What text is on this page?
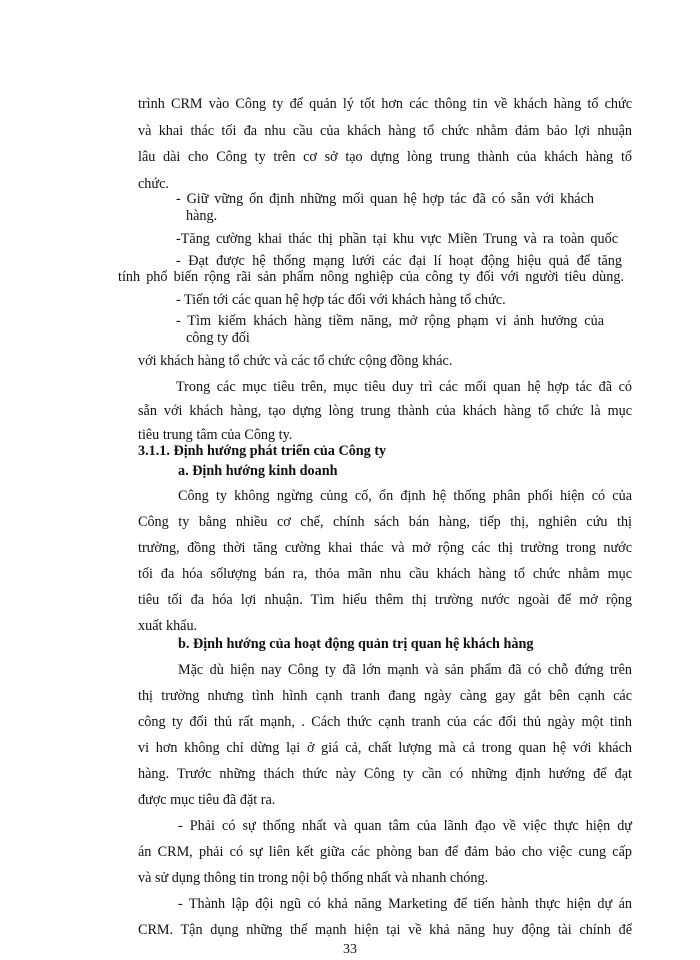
trình CRM vào Công ty để quản lý tốt hơn các thông tin về khách hàng tổ chức
và khai thác tối đa nhu cầu của khách hàng tổ chức nhằm đảm bảo lợi nhuận
lâu dài cho Công ty trên cơ sở tạo dựng lòng trung thành của khách hàng tổ
chức.
- Giữ vững ổn định những mối quan hệ hợp tác đã có sẵn với khách
hàng.
-Tăng cường khai thác thị phần tại khu vực Miền Trung và ra toàn quốc
- Đạt được hệ thống mạng lưới các đại lí hoạt động hiệu quả để tăng
tính phổ biến rộng rãi sản phẩm nông nghiệp của công ty đối với người tiêu dùng.
- Tiến tới các quan hệ hợp tác đối với khách hàng tổ chức.
- Tìm kiếm khách hàng tiềm năng, mở rộng phạm vi ảnh hưởng của
công ty đối
với khách hàng tổ chức và các tổ chức cộng đồng khác.
Trong các mục tiêu trên, mục tiêu duy trì các mối quan hệ hợp tác đã có
sẵn với khách hàng, tạo dựng lòng trung thành của khách hàng tổ chức là mục
tiêu trung tâm của Công ty.
3.1.1. Định hướng phát triển của Công ty
a. Định hướng kinh doanh
Công ty không ngừng củng cố, ổn định hệ thống phân phối hiện có của
Công ty bằng nhiều cơ chế, chính sách bán hàng, tiếp thị, nghiên cứu thị
trường, đồng thời tăng cường khai thác và mở rộng các thị trường trong nước
tối đa hóa sốlượng bán ra, thỏa mãn nhu cầu khách hàng tổ chức nhằm mục
tiêu tối đa hóa lợi nhuận. Tìm hiểu thêm thị trường nước ngoài để mở rộng
xuất khẩu.
b. Định hướng của hoạt động quản trị quan hệ khách hàng
Mặc dù hiện nay Công ty đã lớn mạnh và sản phẩm đã có chỗ đứng trên
thị trường nhưng tình hình cạnh tranh đang ngày càng gay gắt bên cạnh các
công ty đối thủ rất mạnh, . Cách thức cạnh tranh của các đối thủ ngày một tinh
vi hơn không chỉ dừng lại ở giá cả, chất lượng mà cả trong quan hệ với khách
hàng. Trước những thách thức này Công ty cần có những định hướng để đạt
được mục tiêu đã đặt ra.
- Phải có sự thống nhất và quan tâm của lãnh đạo về việc thực hiện dự
án CRM, phải có sự liên kết giữa các phòng ban để đảm bảo cho việc cung cấp
và sử dụng thông tin trong nội bộ thống nhất và nhanh chóng.
- Thành lập đội ngũ có khả năng Marketing để tiến hành thực hiện dự án
CRM. Tận dụng những thế mạnh hiện tại về khả năng huy động tài chính để
33
